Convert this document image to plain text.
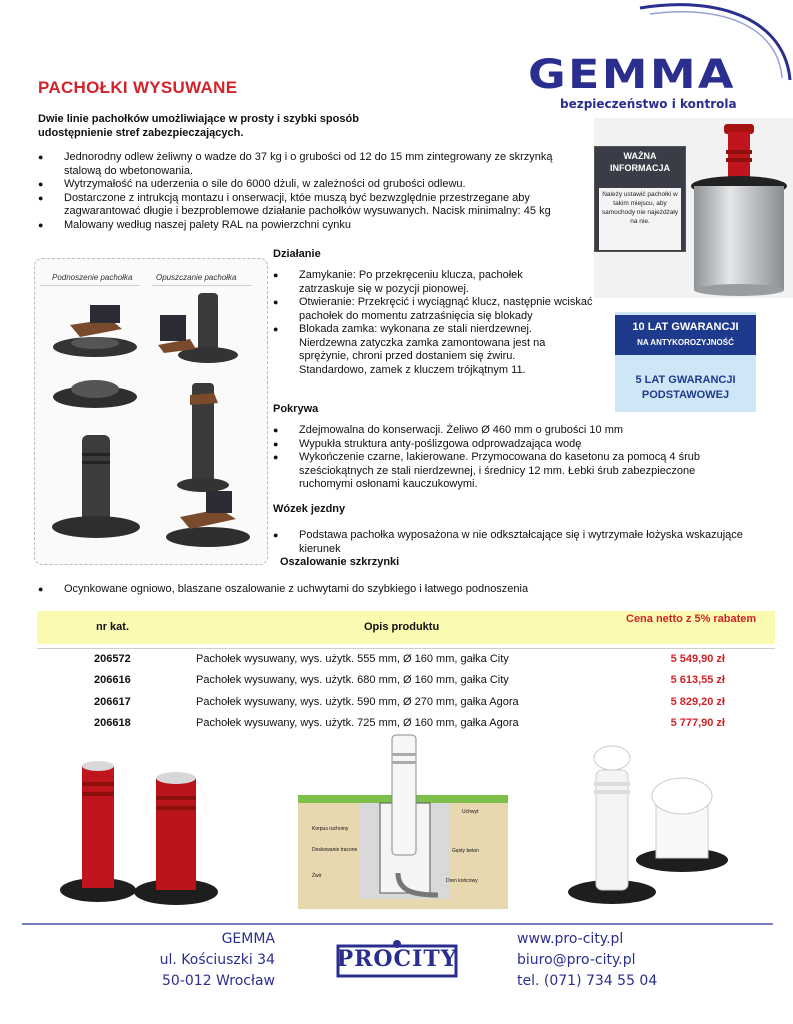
GEMMA
bezpieczeństwo i kontrola
PACHOŁKI WYSUWANE
Dwie linie pachołków umożliwiające w prosty i szybki sposób udostępnienie stref zabezpieczających.
● Jednorodny odlew żeliwny o wadze do 37 kg i o grubości od 12 do 15 mm zintegrowany ze skrzynką stalową do wbetonowania.
● Wytrzymałość na uderzenia o sile do 6000 dżuli, w zależności od grubości odlewu.
● Dostarczone z intrukcją montazu i onserwacji, któe muszą być bezwzględnie przestrzegane aby zagwarantować długie i bezproblemowe działanie pachołków wysuwanych. Nacisk minimalny: 45 kg
● Malowany według naszej palety RAL na powierzchni cynku
WAŻNA INFORMACJA
Należy ustawić pachołki w takim miejscu, aby samochody nie najeżdżały na nie.
10 LAT GWARANCJI
NA ANTYKOROZYJNOŚĆ
5 LAT GWARANCJI PODSTAWOWEJ
Podnoszenie pachołka	Opuszczanie pachołka
Działanie
● Zamykanie: Po przekręceniu klucza, pachołek zatrzaskuje się w pozycji pionowej.
● Otwieranie: Przekręcić i wyciągnąć klucz, następnie wciskać pachołek do momentu zatrzaśnięcia się blokady
● Blokada zamka: wykonana ze stali nierdzewnej. Nierdzewna zatyczka zamka zamontowana jest na sprężynie, chroni przed dostaniem się żwiru. Standardowo, zamek z kluczem trójkątnym 11.
Pokrywa
● Zdejmowalna do konserwacji. Żeliwo Ø 460 mm o grubości 10 mm
● Wypukła struktura anty-poślizgowa odprowadzająca wodę
● Wykończenie czarne, lakierowane. Przymocowana do kasetonu za pomocą 4 śrub sześciokątnych ze stali nierdzewnej, i średnicy 12 mm. Łebki śrub zabezpieczone ruchomymi osłonami kauczukowymi.
Wózek jezdny
● Podstawa pachołka wyposażona w nie odkształcające się i wytrzymałe łożyska wskazujące kierunek
Oszalowanie szkrzynki
● Ocynkowane ogniowo, blaszane oszalowanie z uchwytami do szybkiego i łatwego podnoszenia
nr kat.	Opis produktu
Cena netto z 5% rabatem
206572	Pachołek wysuwany, wys. użytk. 555 mm, Ø 160 mm, gałka City	5 549,90 zł
206616	Pachołek wysuwany, wys. użytk. 680 mm, Ø 160 mm, gałka City	5 613,55 zł
206617	Pachołek wysuwany, wys. użytk. 590 mm, Ø 270 mm, gałka Agora	5 829,20 zł
206618	Pachołek wysuwany, wys. użytk. 725 mm, Ø 160 mm, gałka Agora	5 777,90 zł
Korpus ruchomy
Deskowanie tracone
Żwir
Uchwyt
Gęsty beton
Dren końcowy
GEMMA
ul. Kościuszki 34
50-012 Wrocław
PROCITY
www.pro-city.pl
biuro@pro-city.pl
tel. (071) 734 55 04
